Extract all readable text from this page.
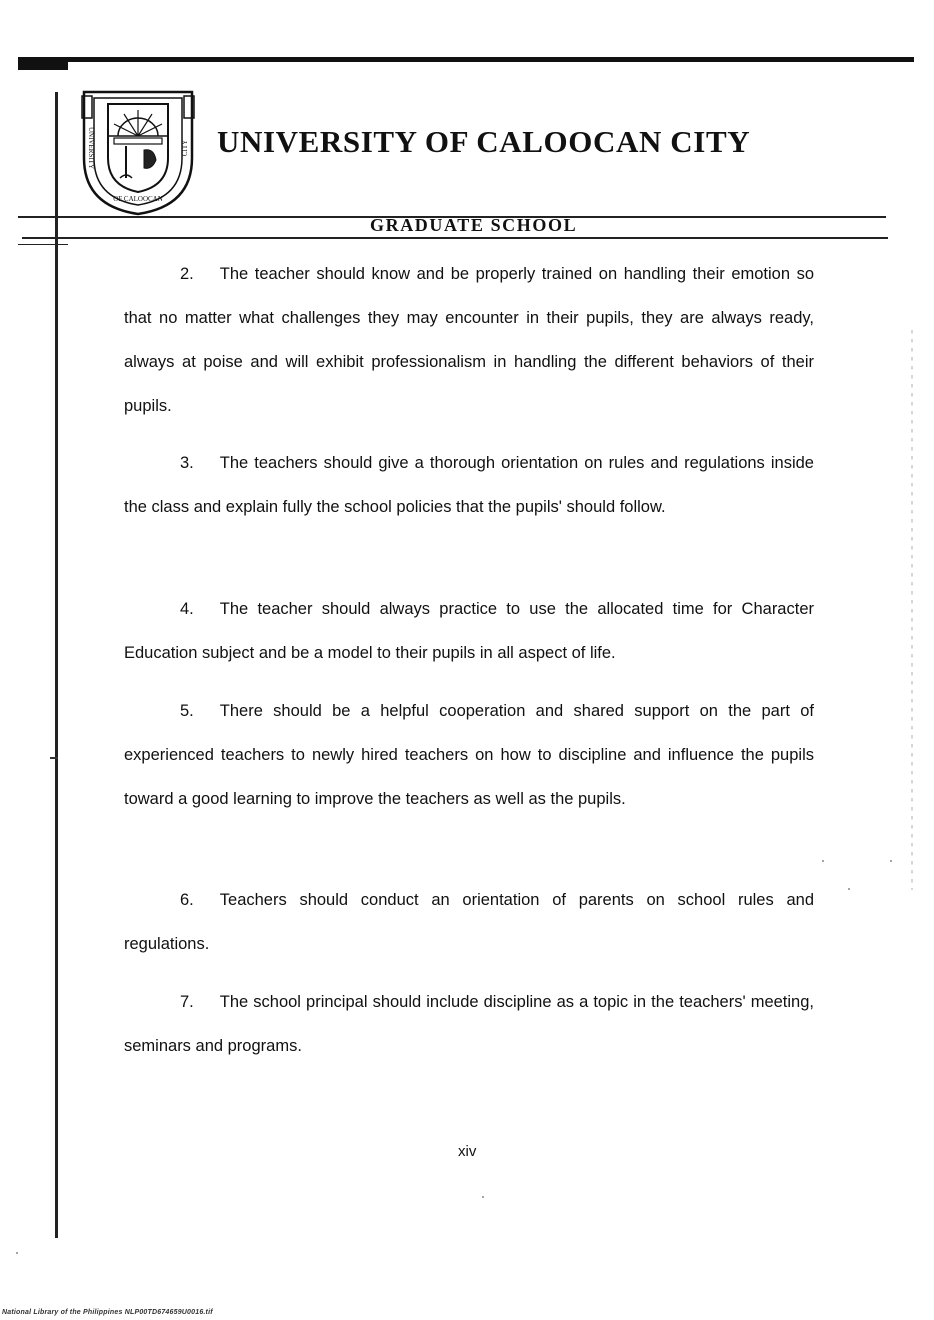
UNIVERSITY	CITY
OF CALOOCAN
UNIVERSITY OF CALOOCAN CITY
GRADUATE SCHOOL

2. The teacher should know and be properly trained on handling their emotion so that no matter what challenges they may encounter in their pupils, they are always ready, always at poise and will exhibit professionalism in handling the different behaviors of their pupils.

3. The teachers should give a thorough orientation on rules and regulations inside the class and explain fully the school policies that the pupils' should follow.

4. The teacher should always practice to use the allocated time for Character Education subject and be a model to their pupils in all aspect of life.

5. There should be a helpful cooperation and shared support on the part of experienced teachers to newly hired teachers on how to discipline and influence the pupils toward a good learning to improve the teachers as well as the pupils.

6. Teachers should conduct an orientation of parents on school rules and regulations.

7. The school principal should include discipline as a topic in the teachers' meeting, seminars and programs.

xiv
National Library of the Philippines NLP00TD674659U0016.tif
